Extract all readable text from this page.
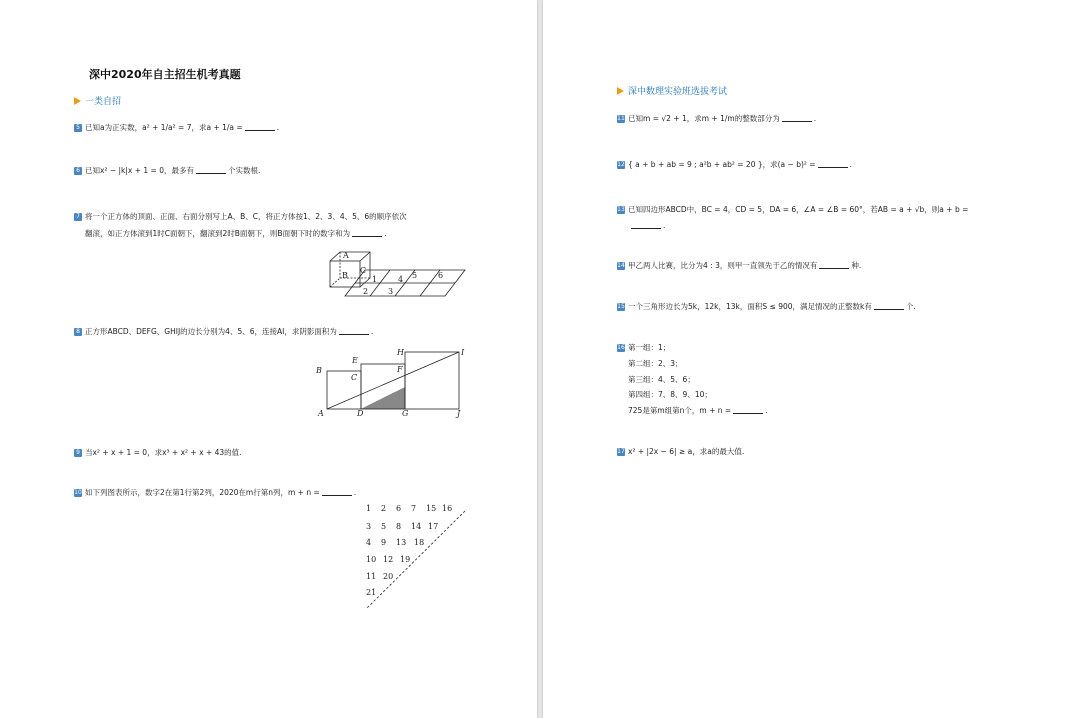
深中2020年自主招生机考真题
一类自招
5 已知a为正实数，a² + 1/a² = 7，求a + 1/a =	.
6 已知x² − |k|x + 1 = 0，最多有	个实数根.
7 将一个正方体的顶面、正面、右面分别写上A、B、C，将正方体按1、2、3、4、5、6的顺序依次
翻滚，如正方体滚到1时C面朝下，翻滚到2时B面朝下，则B面朝下时的数字和为	.
A
B
C
1
2 3
4 5	6
8 正方形ABCD、DEFG、GHIJ的边长分别为4、5、6，连接AI，求阴影面积为	.
B
E
H	I
C
F
A	D	G	J
9 当x² + x + 1 = 0，求x³ + x² + x + 43的值.
10 如下列图表所示，数字2在第1行第2列，2020在m行第n列，m + n =	.
1 2 6 7 15 16
3 5 8 14 17
4 9 13 18
10 12 19
11 20
21
深中数理实验班选拔考试
11 已知m = √2 + 1，求m + 1/m的整数部分为	.
12 { a + b + ab = 9 ; a²b + ab² = 20 }，求(a − b)² =	.
13 已知四边形ABCD中，BC = 4，CD = 5，DA = 6，∠A = ∠B = 60°，若AB = a + √b，则a + b =
.
14 甲乙两人比赛，比分为4 : 3，则甲一直领先于乙的情况有	种.
15 一个三角形边长为5k，12k，13k，面积S ≤ 900，满足情况的正整数k有	个.
16 第一组：1；
第二组：2、3；
第三组：4、5、6；
第四组：7、8、9、10；
725是第m组第n个，m + n =	.
17 x² + |2x − 6| ≥ a，求a的最大值.
